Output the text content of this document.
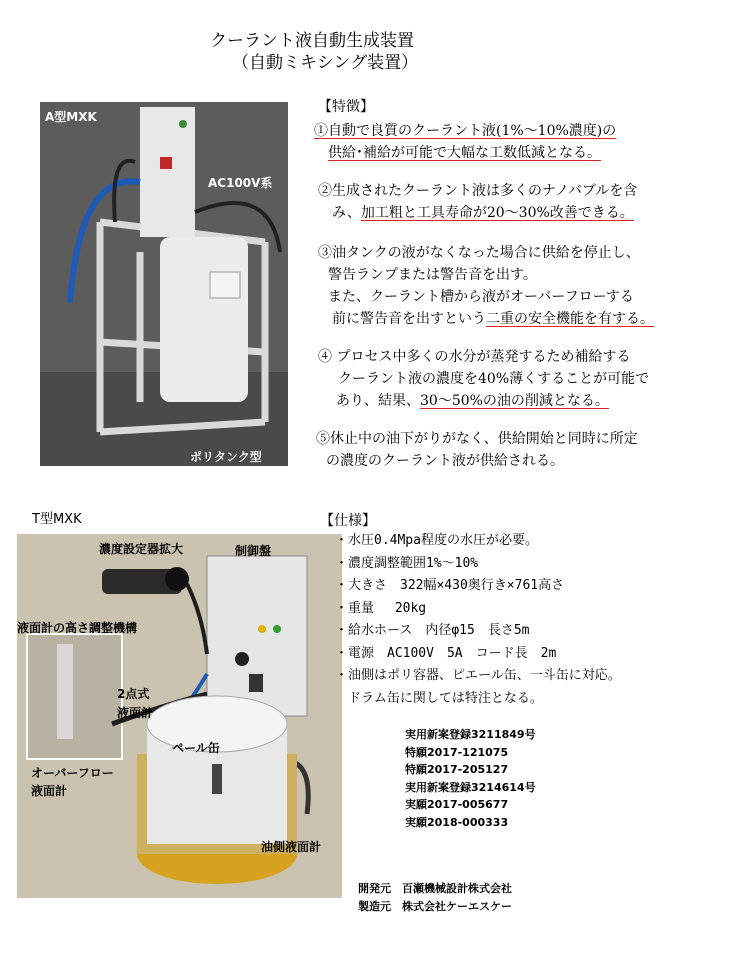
クーラント液自動生成装置
（自動ミキシング装置）
A型MXK
AC100V系
ポリタンク型
【特徴】
①自動で良質のクーラント液(1%〜10%濃度)の
供給･補給が可能で大幅な工数低減となる。
②生成されたクーラント液は多くのナノバブルを含
み、加工粗と工具寿命が20〜30%改善できる。
③油タンクの液がなくなった場合に供給を停止し、
警告ランプまたは警告音を出す。
また、クーラント槽から液がオーバーフローする
前に警告音を出すという二重の安全機能を有する。
④ プロセス中多くの水分が蒸発するため補給する
クーラント液の濃度を40%薄くすることが可能で
あり、結果、30〜50%の油の削減となる。
⑤休止中の油下がりがなく、供給開始と同時に所定
の濃度のクーラント液が供給される。
T型MXK
濃度設定器拡大	制御盤
液面計の高さ調整機構
2点式
液面計
ペール缶
オーバーフロー
液面計
油側液面計
【仕様】
・水圧0.4Mpa程度の水圧が必要。
・濃度調整範囲1%〜10%
・大きさ　322幅×430奥行き×761高さ
・重量　 20kg
・給水ホース　内径φ15　長さ5m
・電源　AC100V　5A　コード長　2m
・油側はポリ容器、ピエール缶、一斗缶に対応。
　ドラム缶に関しては特注となる。
実用新案登録3211849号
特願2017-121075
特願2017-205127
実用新案登録3214614号
実願2017-005677
実願2018-000333
開発元　百瀬機械設計株式会社
製造元　株式会社ケーエスケー
